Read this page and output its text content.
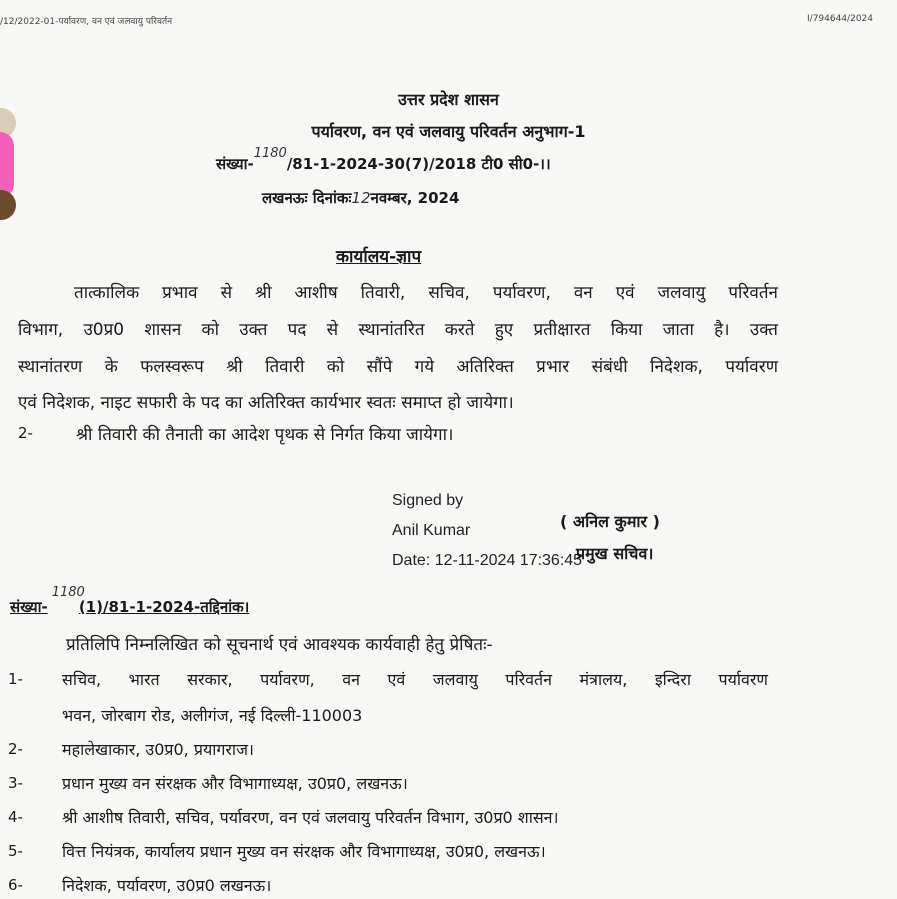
/12/2022-01-पर्यावरण, वन एवं जलवायु परिवर्तन	I/794644/2024
उत्तर प्रदेश शासन
पर्यावरण, वन एवं जलवायु परिवर्तन अनुभाग-1
संख्या-1180/81-1-2024-30(7)/2018 टी0 सी0-।।
लखनऊः दिनांकः12नवम्बर, 2024
कार्यालय-ज्ञाप
तात्कालिक प्रभाव से श्री आशीष तिवारी, सचिव, पर्यावरण, वन एवं जलवायु परिवर्तन
विभाग, उ0प्र0 शासन को उक्त पद से स्थानांतरित करते हुए प्रतीक्षारत किया जाता है। उक्त
स्थानांतरण के फलस्वरूप श्री तिवारी को सौंपे गये अतिरिक्त प्रभार संबंधी निदेशक, पर्यावरण
एवं निदेशक, नाइट सफारी के पद का अतिरिक्त कार्यभार स्वतः समाप्त हो जायेगा।
2-	श्री तिवारी की तैनाती का आदेश पृथक से निर्गत किया जायेगा।
Signed by
Anil Kumar
Date: 12-11-2024 17:36:45
( अनिल कुमार )
प्रमुख सचिव।
संख्या-1180(1)/81-1-2024-तद्दिनांक।
प्रतिलिपि निम्नलिखित को सूचनार्थ एवं आवश्यक कार्यवाही हेतु प्रेषितः-
1- सचिव, भारत सरकार, पर्यावरण, वन एवं जलवायु परिवर्तन मंत्रालय, इन्दिरा पर्यावरण
भवन, जोरबाग रोड, अलीगंज, नई दिल्ली-110003
2- महालेखाकार, उ0प्र0, प्रयागराज।
3- प्रधान मुख्य वन संरक्षक और विभागाध्यक्ष, उ0प्र0, लखनऊ।
4- श्री आशीष तिवारी, सचिव, पर्यावरण, वन एवं जलवायु परिवर्तन विभाग, उ0प्र0 शासन।
5- वित्त नियंत्रक, कार्यालय प्रधान मुख्य वन संरक्षक और विभागाध्यक्ष, उ0प्र0, लखनऊ।
6- निदेशक, पर्यावरण, उ0प्र0 लखनऊ।
